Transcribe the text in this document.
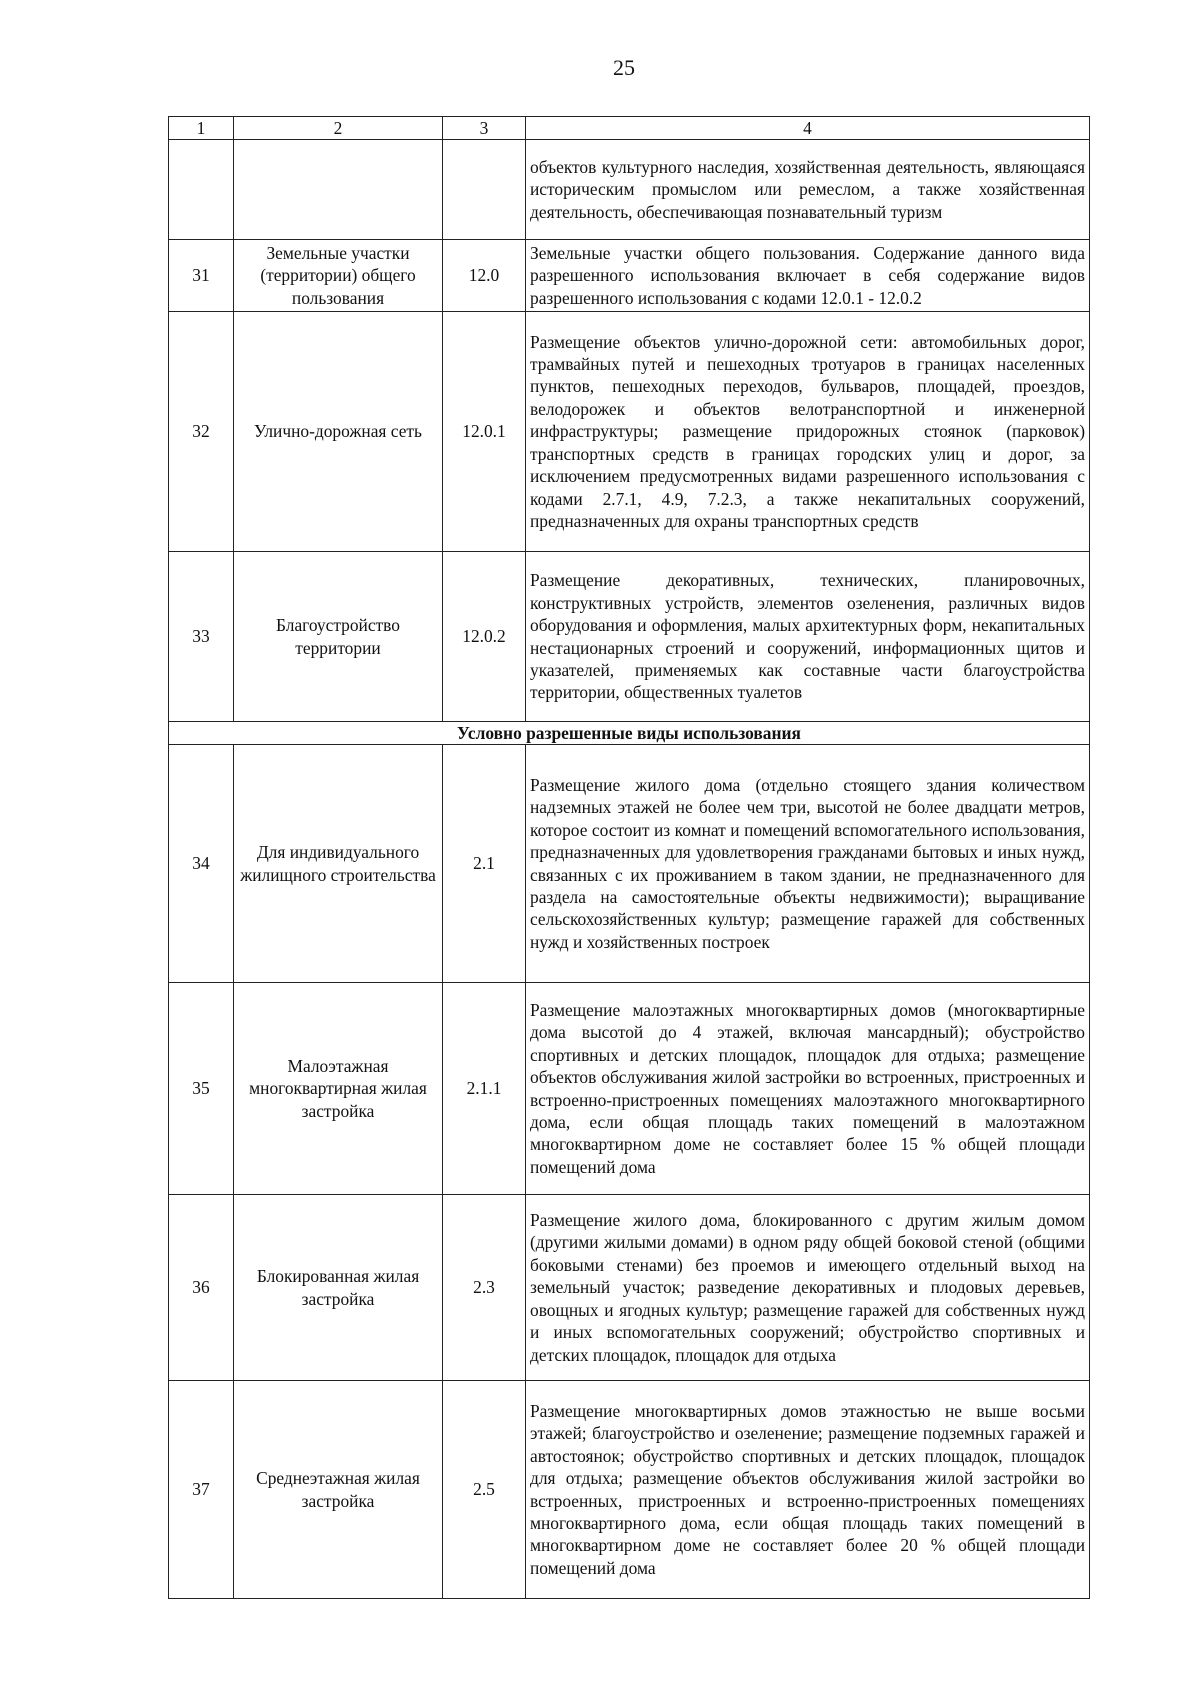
25
1	2	3	4
			объектов культурного наследия, хозяйственная деятельность, являющаяся историческим промыслом или ремеслом, а также хозяйственная деятельность, обеспечивающая познавательный туризм
31	Земельные участки (территории) общего пользования	12.0	Земельные участки общего пользования. Содержание данного вида разрешенного использования включает в себя содержание видов разрешенного использования с кодами 12.0.1 - 12.0.2
32	Улично-дорожная сеть	12.0.1	Размещение объектов улично-дорожной сети: автомобильных дорог, трамвайных путей и пешеходных тротуаров в границах населенных пунктов, пешеходных переходов, бульваров, площадей, проездов, велодорожек и объектов велотранспортной и инженерной инфраструктуры; размещение придорожных стоянок (парковок) транспортных средств в границах городских улиц и дорог, за исключением предусмотренных видами разрешенного использования с кодами 2.7.1, 4.9, 7.2.3, а также некапитальных сооружений, предназначенных для охраны транспортных средств
33	Благоустройство территории	12.0.2	Размещение декоративных, технических, планировочных, конструктивных устройств, элементов озеленения, различных видов оборудования и оформления, малых архитектурных форм, некапитальных нестационарных строений и сооружений, информационных щитов и указателей, применяемых как составные части благоустройства территории, общественных туалетов
Условно разрешенные виды использования			
34	Для индивидуального жилищного строительства	2.1	Размещение жилого дома (отдельно стоящего здания количеством надземных этажей не более чем три, высотой не более двадцати метров, которое состоит из комнат и помещений вспомогательного использования, предназначенных для удовлетворения гражданами бытовых и иных нужд, связанных с их проживанием в таком здании, не предназначенного для раздела на самостоятельные объекты недвижимости); выращивание сельскохозяйственных культур; размещение гаражей для собственных нужд и хозяйственных построек
35	Малоэтажная многоквартирная жилая застройка	2.1.1	Размещение малоэтажных многоквартирных домов (многоквартирные дома высотой до 4 этажей, включая мансардный); обустройство спортивных и детских площадок, площадок для отдыха; размещение объектов обслуживания жилой застройки во встроенных, пристроенных и встроенно-пристроенных помещениях малоэтажного многоквартирного дома, если общая площадь таких помещений в малоэтажном многоквартирном доме не составляет более 15 % общей площади помещений дома
36	Блокированная жилая застройка	2.3	Размещение жилого дома, блокированного с другим жилым домом (другими жилыми домами) в одном ряду общей боковой стеной (общими боковыми стенами) без проемов и имеющего отдельный выход на земельный участок; разведение декоративных и плодовых деревьев, овощных и ягодных культур; размещение гаражей для собственных нужд и иных вспомогательных сооружений; обустройство спортивных и детских площадок, площадок для отдыха
37	Среднеэтажная жилая застройка	2.5	Размещение многоквартирных домов этажностью не выше восьми этажей; благоустройство и озеленение; размещение подземных гаражей и автостоянок; обустройство спортивных и детских площадок, площадок для отдыха; размещение объектов обслуживания жилой застройки во встроенных, пристроенных и встроенно-пристроенных помещениях многоквартирного дома, если общая площадь таких помещений в многоквартирном доме не составляет более 20 % общей площади помещений дома
